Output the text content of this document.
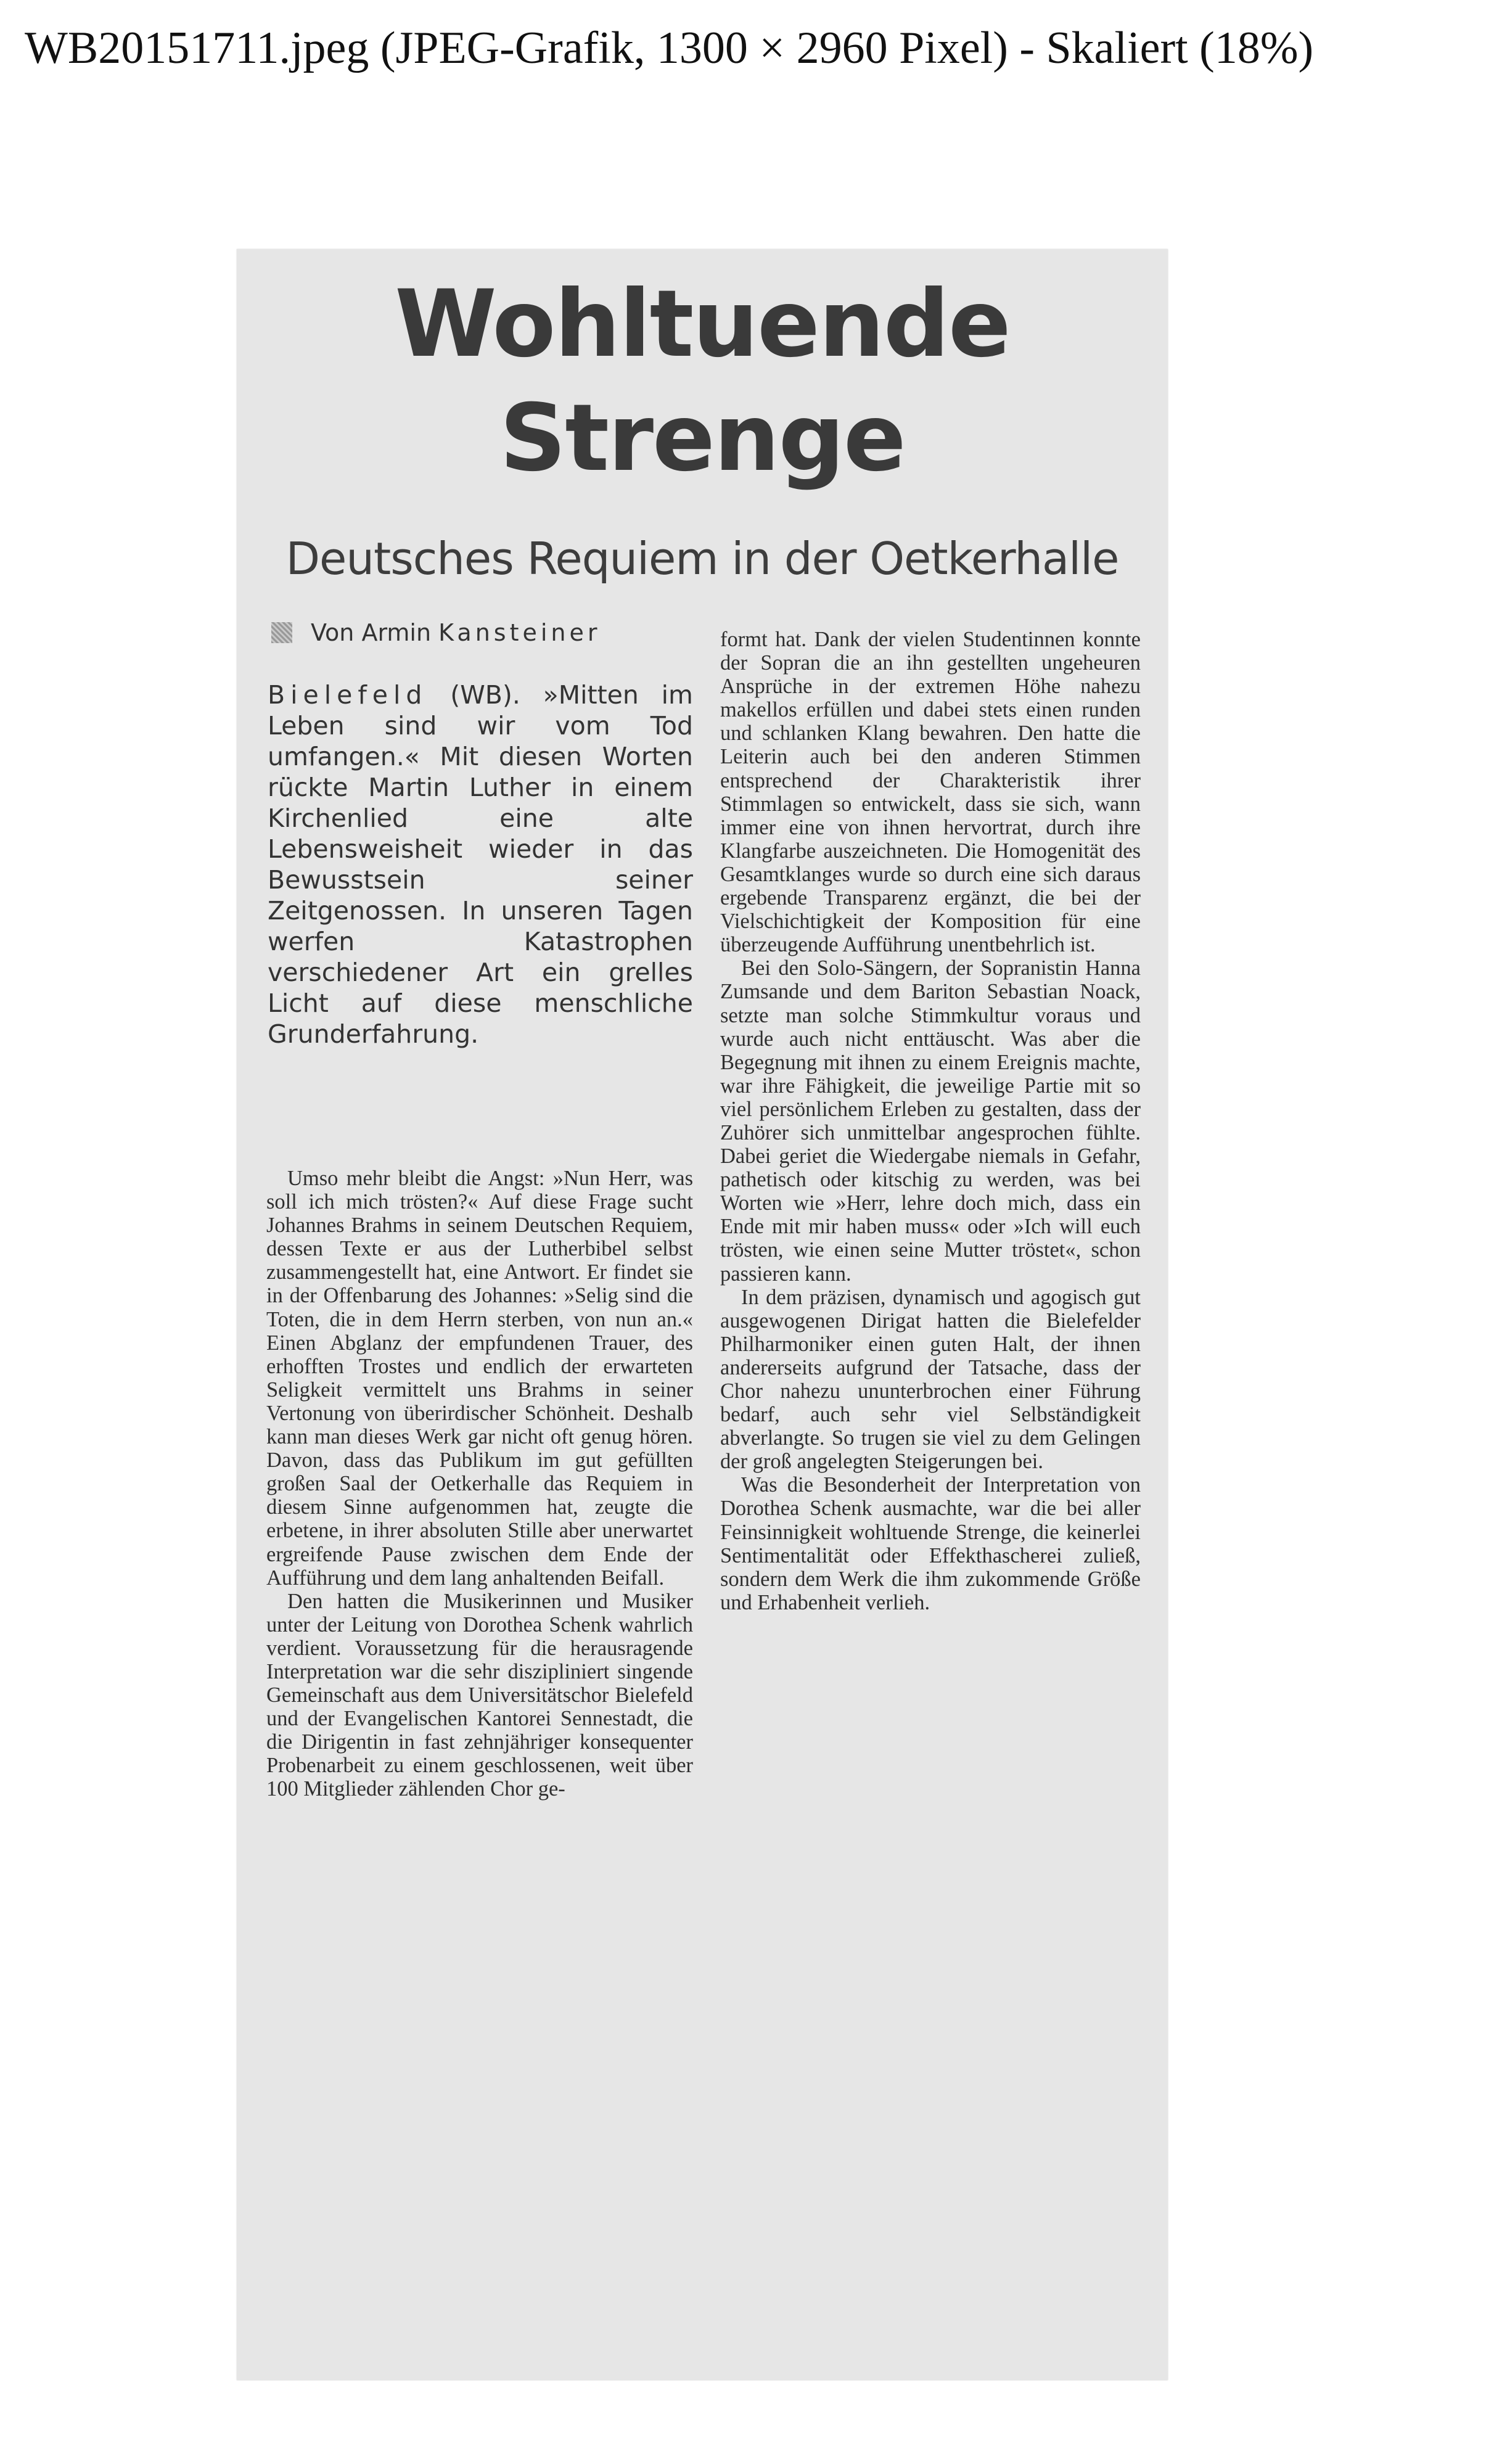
WB20151711.jpeg (JPEG-Grafik, 1300 × 2960 Pixel) - Skaliert (18%)
Wohltuende
Strenge
Deutsches Requiem in der Oetkerhalle
Von Armin
Kansteiner

Bielefeld (WB). »Mitten im Leben sind wir vom Tod umfangen.« Mit diesen Worten rückte Martin Luther in einem Kirchenlied eine alte Lebensweisheit wieder in das Bewusstsein seiner Zeitgenossen. In unseren Tagen werfen Katastrophen verschiedener Art ein grelles Licht auf diese menschliche Grunderfahrung.

Umso mehr bleibt die Angst: »Nun Herr, was soll ich mich trösten?« Auf diese Frage sucht Johannes Brahms in seinem Deutschen Requiem, dessen Texte er aus der Lutherbibel selbst zusammengestellt hat, eine Antwort. Er findet sie in der Offenbarung des Johannes: »Selig sind die Toten, die in dem Herrn sterben, von nun an.« Einen Abglanz der empfundenen Trauer, des erhofften Trostes und endlich der erwarteten Seligkeit vermittelt uns Brahms in seiner Vertonung von überirdischer Schönheit. Deshalb kann man dieses Werk gar nicht oft genug hören. Davon, dass das Publikum im gut gefüllten großen Saal der Oetkerhalle das Requiem in diesem Sinne aufgenommen hat, zeugte die erbetene, in ihrer absoluten Stille aber unerwartet ergreifende Pause zwischen dem Ende der Aufführung und dem lang anhaltenden Beifall.

Den hatten die Musikerinnen und Musiker unter der Leitung von Dorothea Schenk wahrlich verdient. Voraussetzung für die herausragende Interpretation war die sehr diszipliniert singende Gemeinschaft aus dem Universitätschor Bielefeld und der Evangelischen Kantorei Sennestadt, die die Dirigentin in fast zehnjähriger konsequenter Probenarbeit zu einem geschlossenen, weit über 100 Mitglieder zählenden Chor ge-

formt hat. Dank der vielen Studentinnen konnte der Sopran die an ihn gestellten ungeheuren Ansprüche in der extremen Höhe nahezu makellos erfüllen und dabei stets einen runden und schlanken Klang bewahren. Den hatte die Leiterin auch bei den anderen Stimmen entsprechend der Charakteristik ihrer Stimmlagen so entwickelt, dass sie sich, wann immer eine von ihnen hervortrat, durch ihre Klangfarbe auszeichneten. Die Homogenität des Gesamtklanges wurde so durch eine sich daraus ergebende Transparenz ergänzt, die bei der Vielschichtigkeit der Komposition für eine überzeugende Aufführung unentbehrlich ist.

Bei den Solo-Sängern, der Sopranistin Hanna Zumsande und dem Bariton Sebastian Noack, setzte man solche Stimmkultur voraus und wurde auch nicht enttäuscht. Was aber die Begegnung mit ihnen zu einem Ereignis machte, war ihre Fähigkeit, die jeweilige Partie mit so viel persönlichem Erleben zu gestalten, dass der Zuhörer sich unmittelbar angesprochen fühlte. Dabei geriet die Wiedergabe niemals in Gefahr, pathetisch oder kitschig zu werden, was bei Worten wie »Herr, lehre doch mich, dass ein Ende mit mir haben muss« oder »Ich will euch trösten, wie einen seine Mutter tröstet«, schon passieren kann.

In dem präzisen, dynamisch und agogisch gut ausgewogenen Dirigat hatten die Bielefelder Philharmoniker einen guten Halt, der ihnen andererseits aufgrund der Tatsache, dass der Chor nahezu ununterbrochen einer Führung bedarf, auch sehr viel Selbständigkeit abverlangte. So trugen sie viel zu dem Gelingen der groß angelegten Steigerungen bei.

Was die Besonderheit der Interpretation von Dorothea Schenk ausmachte, war die bei aller Feinsinnigkeit wohltuende Strenge, die keinerlei Sentimentalität oder Effekthascherei zuließ, sondern dem Werk die ihm zukommende Größe und Erhabenheit verlieh.
